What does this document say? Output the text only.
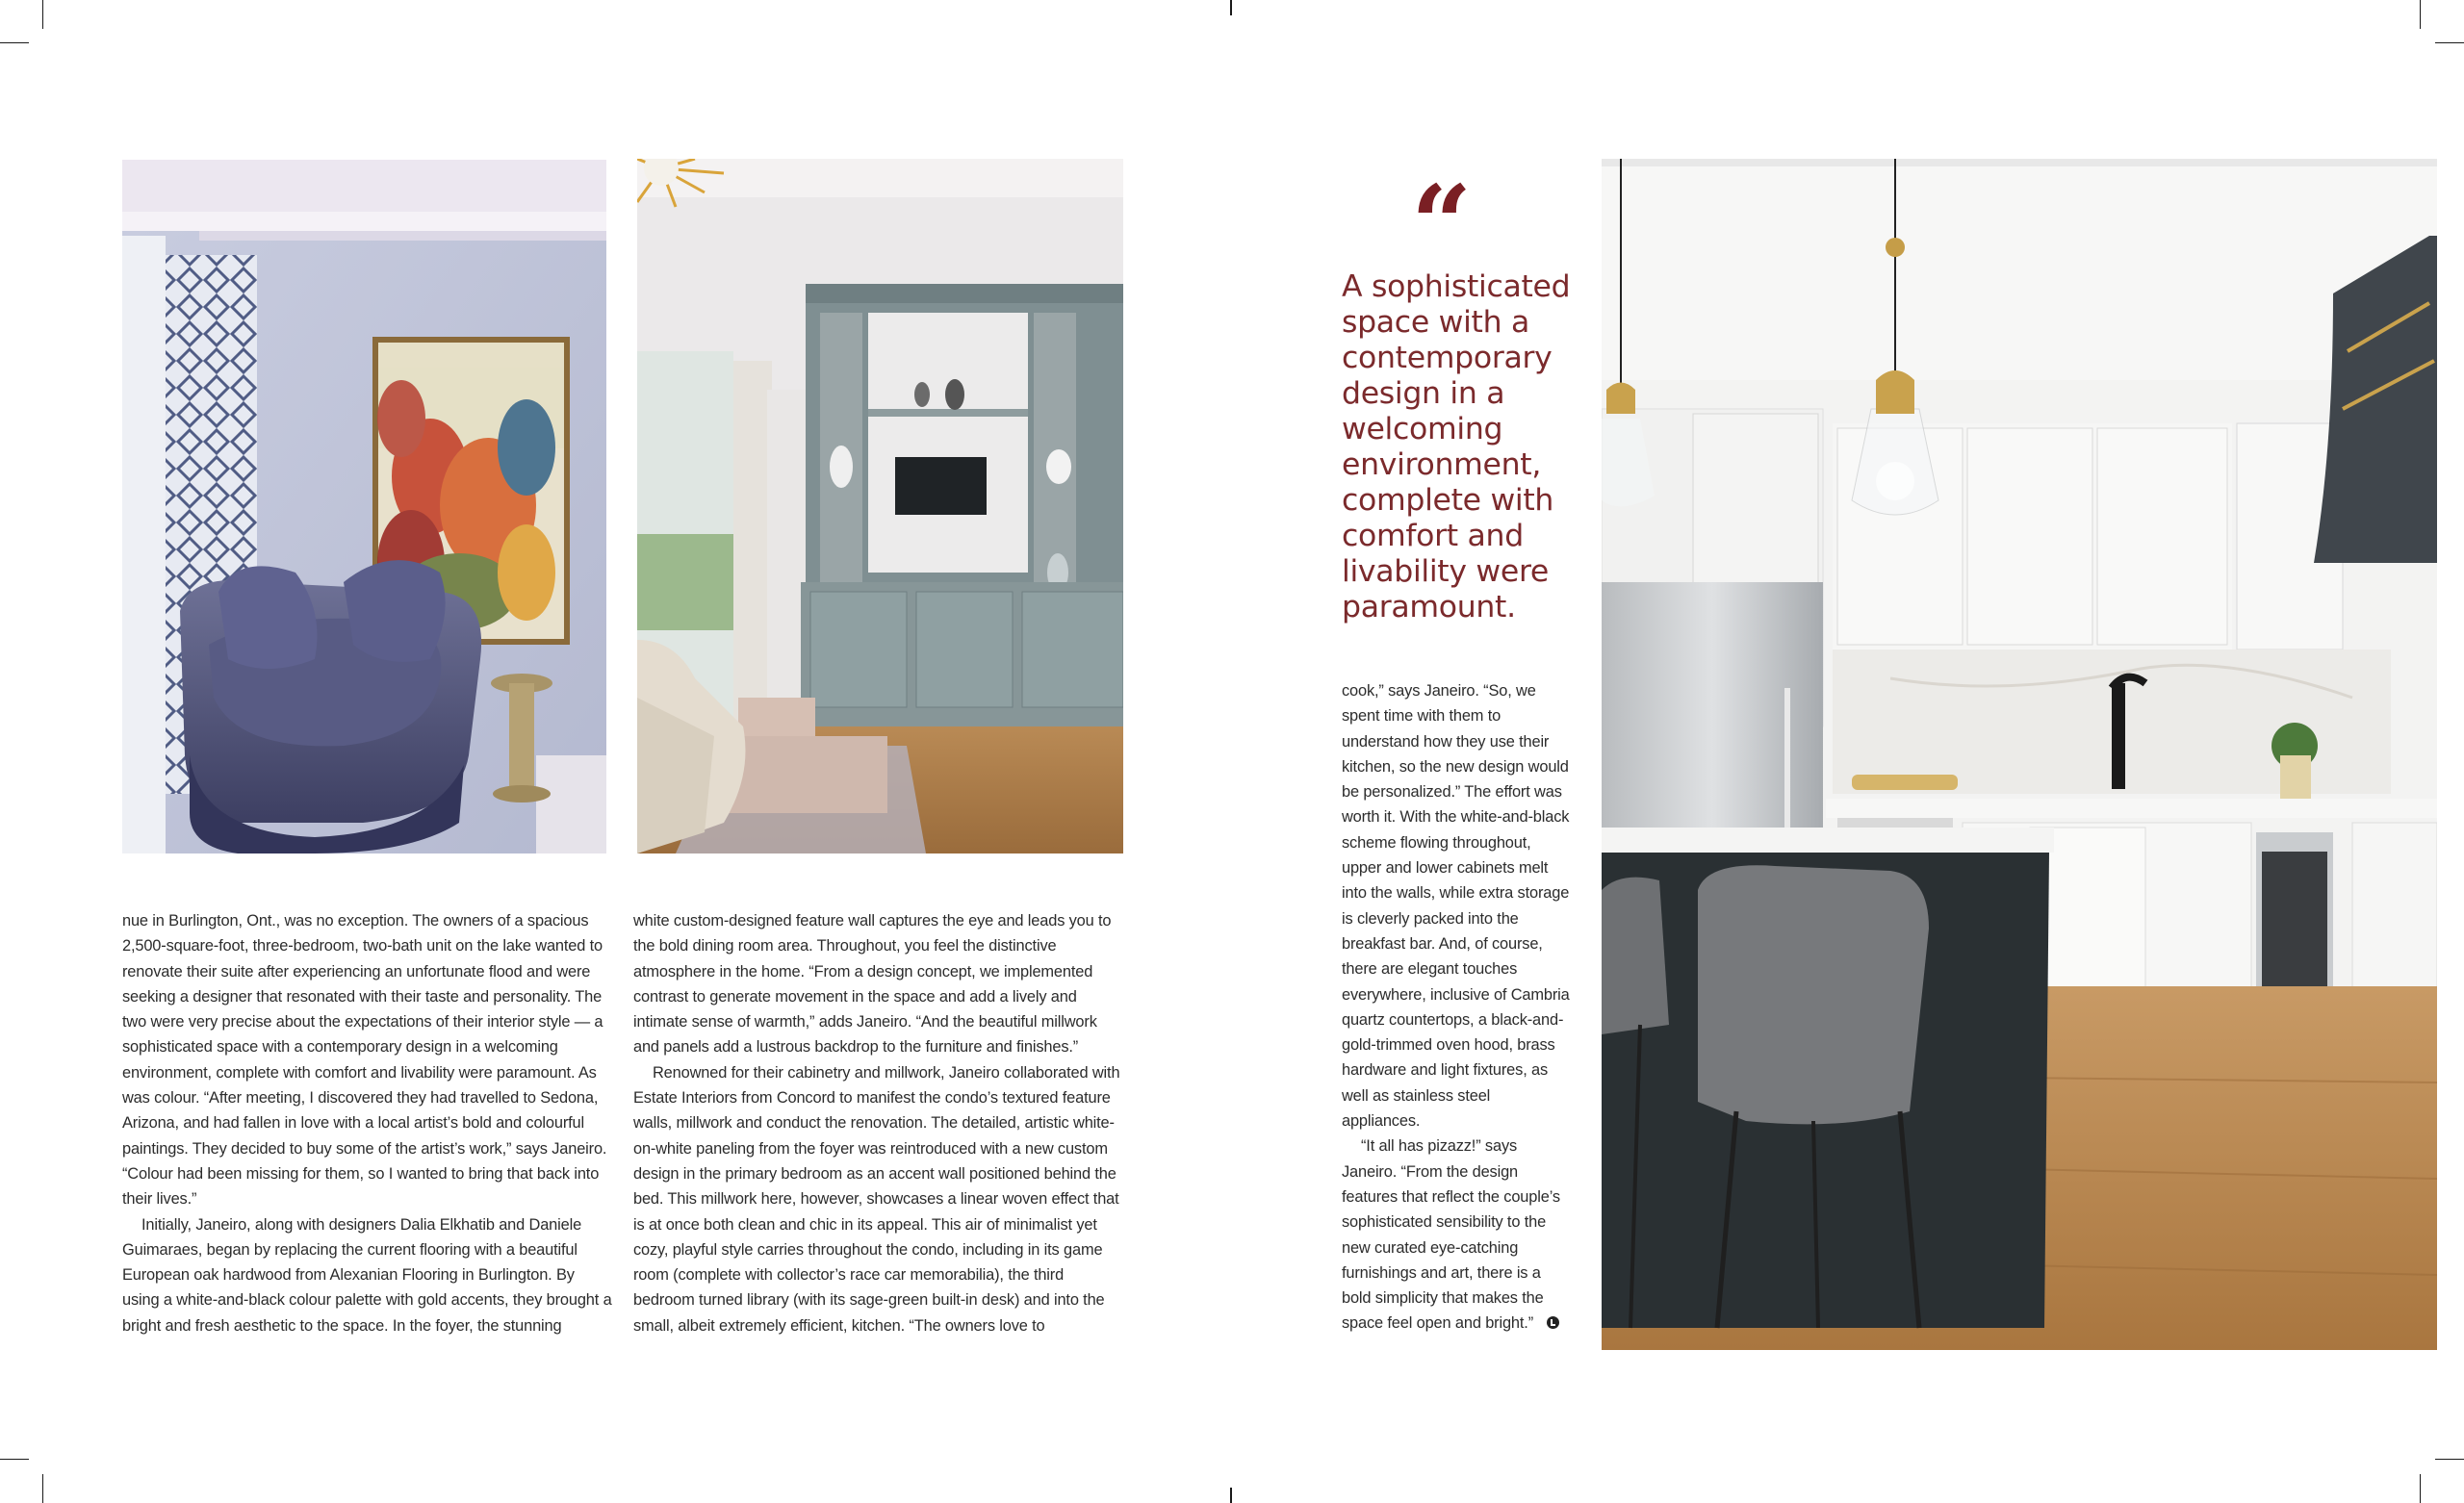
nue in Burlington, Ont., was no exception. The owners of a spacious 2,500-square-foot, three-bedroom, two-bath unit on the lake wanted to renovate their suite after experiencing an unfortunate flood and were seeking a designer that resonated with their taste and personality. The two were very precise about the expectations of their interior style — a sophisticated space with a contemporary design in a welcoming environment, complete with comfort and livability were paramount. As was colour. “After meeting, I discovered they had travelled to Sedona, Arizona, and had fallen in love with a local artist’s bold and colourful paintings. They decided to buy some of the artist’s work,” says Janeiro. “Colour had been missing for them, so I wanted to bring that back into their lives.”

Initially, Janeiro, along with designers Dalia Elkhatib and Daniele Guimaraes, began by replacing the current flooring with a beautiful European oak hardwood from Alexanian Flooring in Burlington. By using a white-and-black colour palette with gold accents, they brought a bright and fresh aesthetic to the space. In the foyer, the stunning

white custom-designed feature wall captures the eye and leads you to the bold dining room area. Throughout, you feel the distinctive atmosphere in the home. “From a design concept, we implemented contrast to generate movement in the space and add a lively and intimate sense of warmth,” adds Janeiro. “And the beautiful millwork and panels add a lustrous backdrop to the furniture and finishes.”

Renowned for their cabinetry and millwork, Janeiro collaborated with Estate Interiors from Concord to manifest the condo’s textured feature walls, millwork and conduct the renovation. The detailed, artistic white-on-white paneling from the foyer was reintroduced with a new custom design in the primary bedroom as an accent wall positioned behind the bed. This millwork here, however, showcases a linear woven effect that is at once both clean and chic in its appeal. This air of minimalist yet cozy, playful style carries throughout the condo, including in its game room (complete with collector’s race car memorabilia), the third bedroom turned library (with its sage-green built-in desk) and into the small, albeit extremely efficient, kitchen. “The owners love to

“
A sophisticated space with a contemporary design in a welcoming environment, complete with comfort and livability were paramount.

cook,” says Janeiro. “So, we spent time with them to understand how they use their kitchen, so the new design would be personalized.” The effort was worth it. With the white-and-black scheme flowing throughout, upper and lower cabinets melt into the walls, while extra storage is cleverly packed into the breakfast bar. And, of course, there are elegant touches everywhere, inclusive of Cambria quartz countertops, a black-and-gold-trimmed oven hood, brass hardware and light fixtures, as well as stainless steel appliances.

“It all has pizazz!” says Janeiro. “From the design features that reflect the couple’s sophisticated sensibility to the new curated eye-catching furnishings and art, there is a bold simplicity that makes the space feel open and bright.”
